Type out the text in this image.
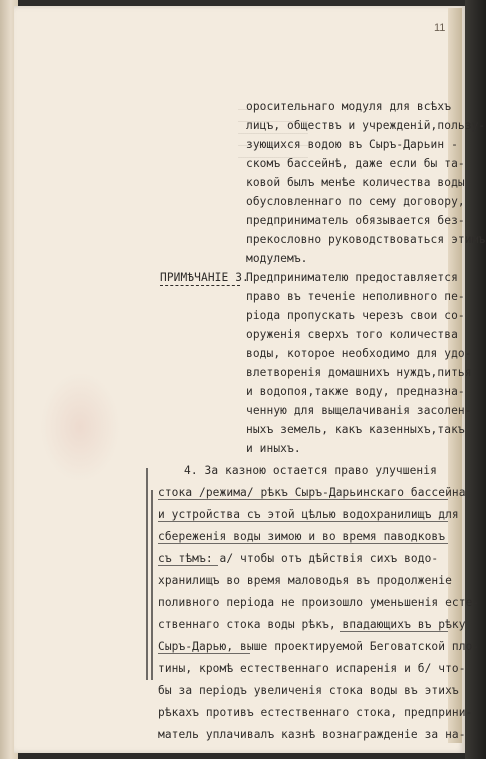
11
оросительнаго модуля для всѣхъ
лицъ, обществъ и учрежденій,пользу-
зующихся водою въ Сыръ-Дарьин -
скомъ бассейнѣ, даже если бы та-
ковой былъ менѣе количества воды
обусловленнаго по сему договору,
предприниматель обязывается без-
прекословно руководствоваться этимъ
модулемъ.
ПРИМѢЧАНІЕ 3.
Предпринимателю предоставляется
право въ теченіе неполивного пе-
ріода пропускать черезъ свои со-
оруженія сверхъ того количества
воды, которое необходимо для удо-
влетворенія домашнихъ нуждъ,питья
и водопоя,также воду, предназна-
ченную для выщелачиванія засолен-
ныхъ земель, какъ казенныхъ,такъ
и иныхъ.
4. За казною остается право улучшенія
стока /режима/ рѣкъ Сыръ-Дарьинскаго бассейна
и устройства съ этой цѣлью водохранилищъ для
сбереженія воды зимою и во время паводковъ
съ тѣмъ: а/ чтобы отъ дѣйствія сихъ водо-
хранилищъ во время маловодья въ продолженіе
поливного періода не произошло уменьшенія есте-
ственнаго стока воды рѣкъ, впадающихъ въ рѣку
Сыръ-Дарью, выше проектируемой Беговатской пло-
тины, кромѣ естественнаго испаренія и б/ что-
бы за періодъ увеличенія стока воды въ этихъ
рѣкахъ противъ естественнаго стока, предприни-
матель уплачивалъ казнѣ вознагражденіе за на-
